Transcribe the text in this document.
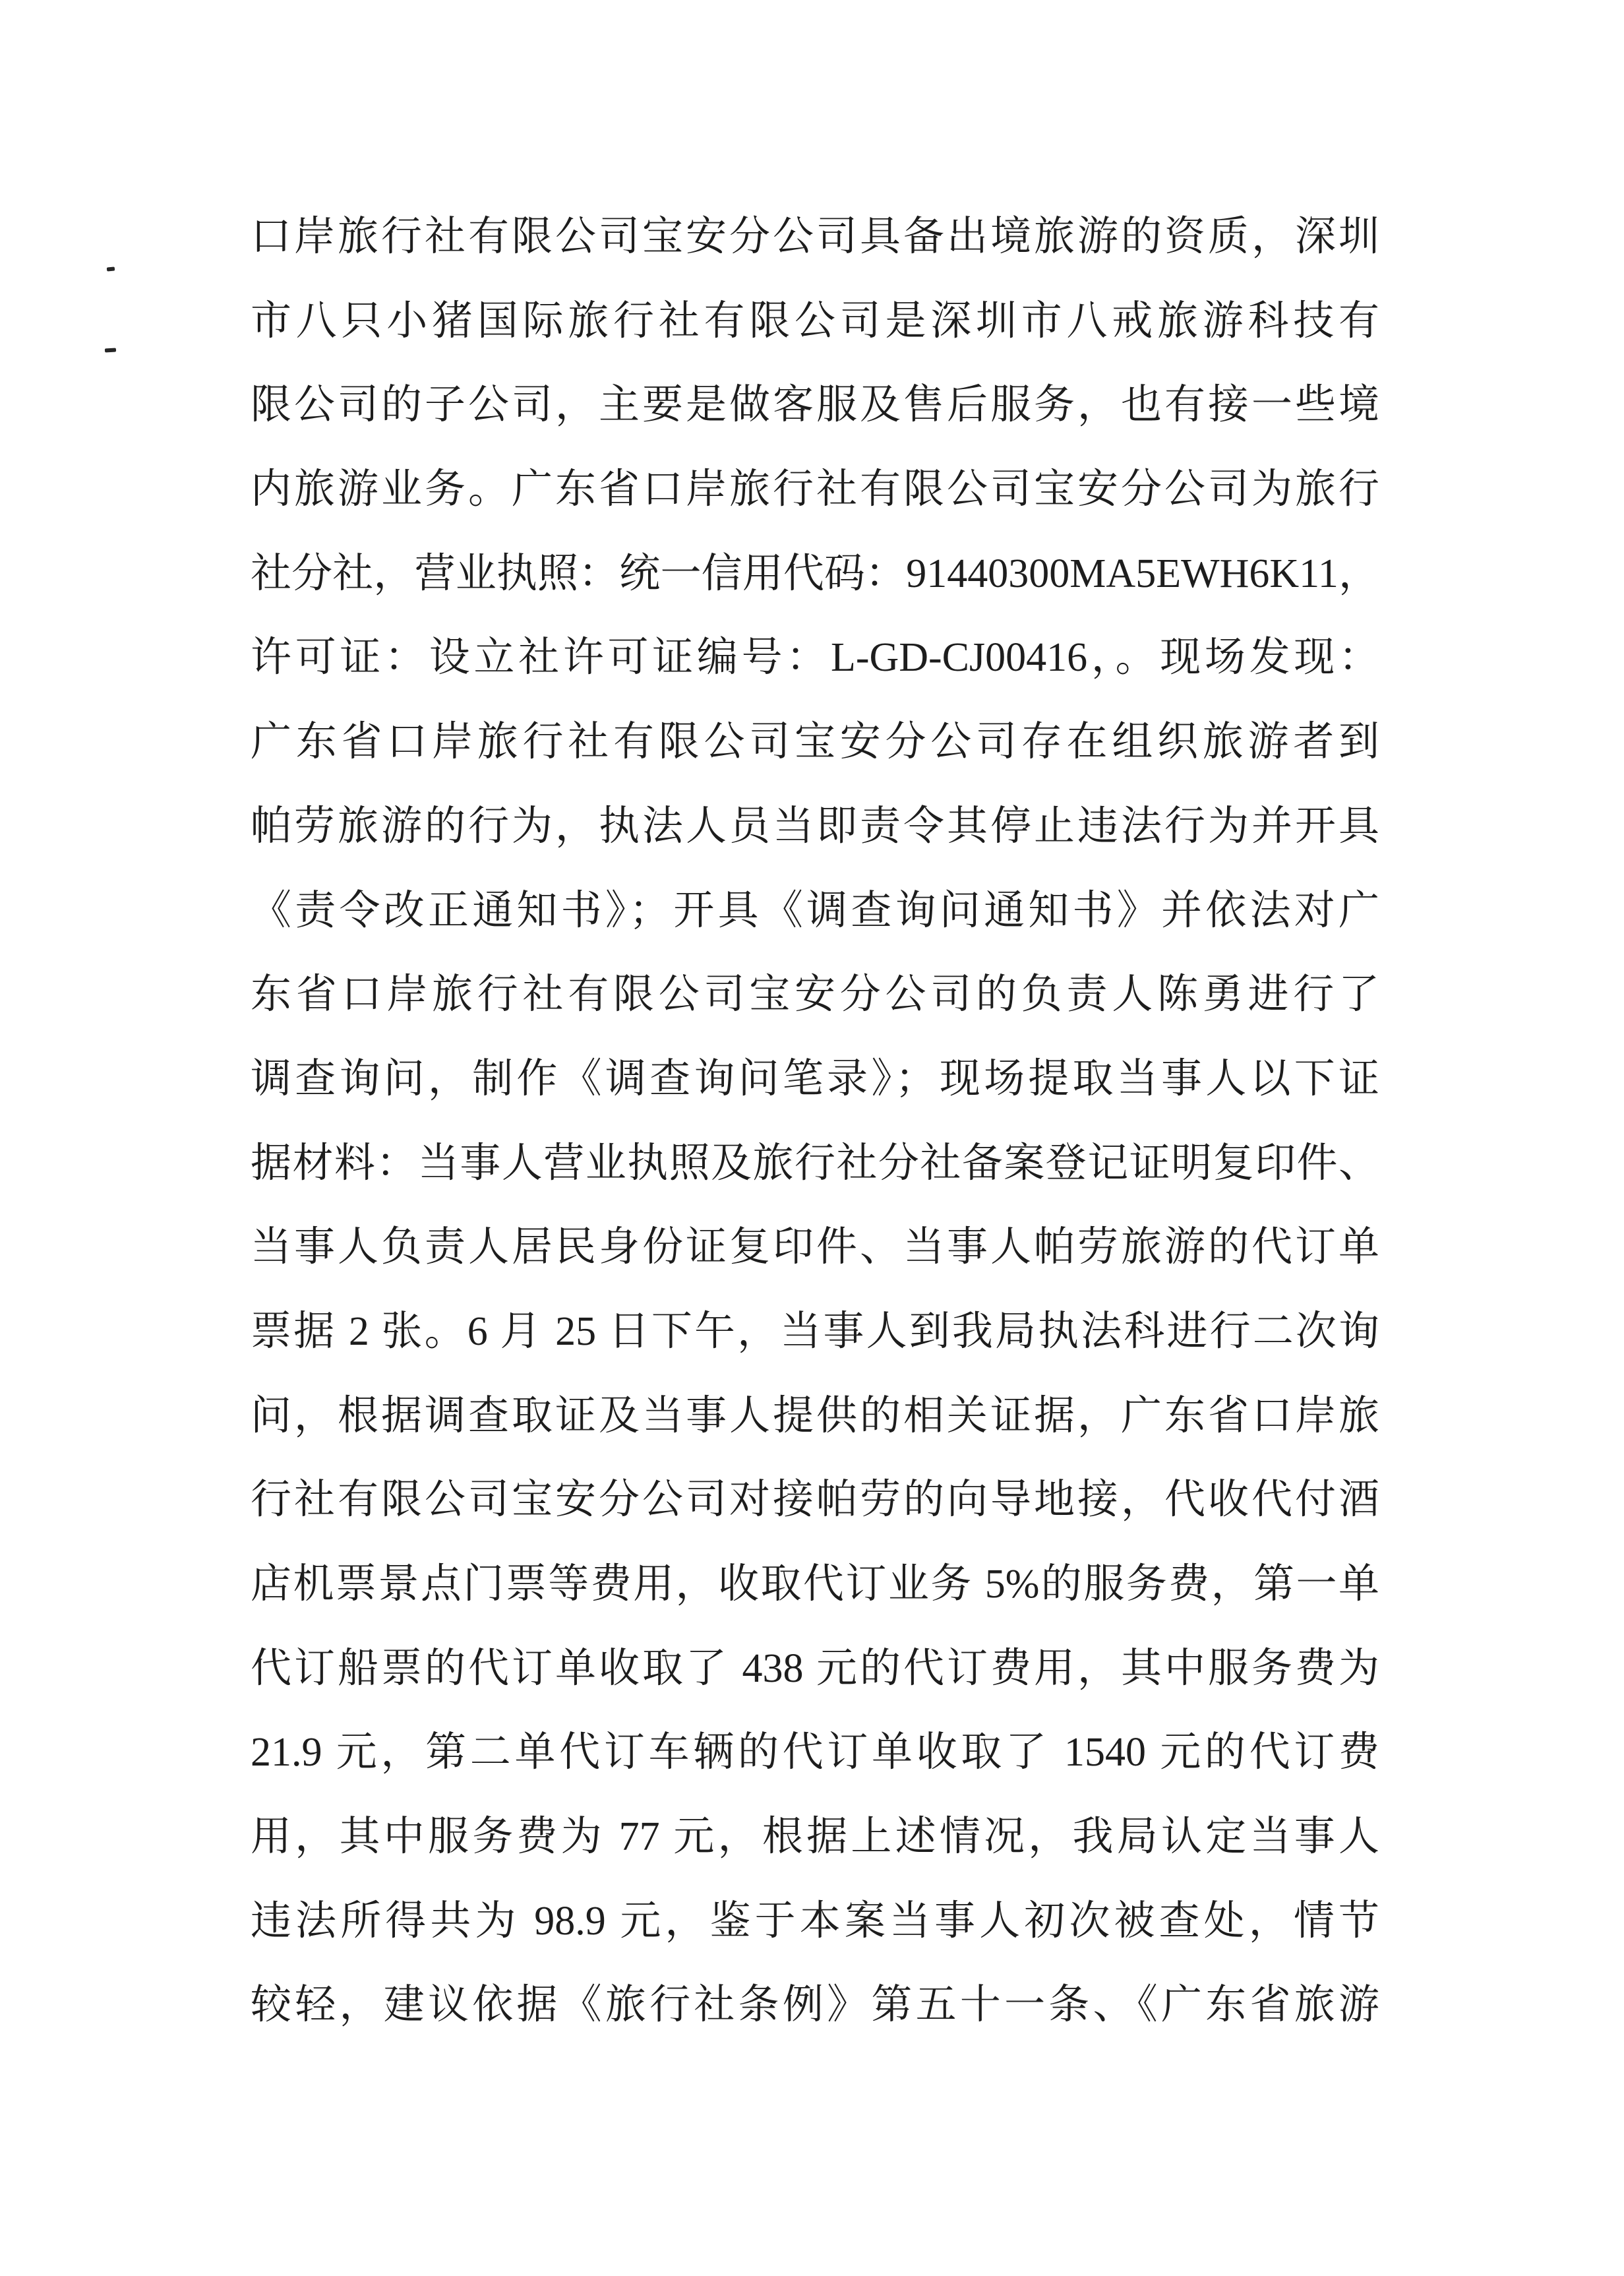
口岸旅行社有限公司宝安分公司具备出境旅游的资质，深圳

市八只小猪国际旅行社有限公司是深圳市八戒旅游科技有

限公司的子公司，主要是做客服及售后服务，也有接一些境

内旅游业务。广东省口岸旅行社有限公司宝安分公司为旅行

社分社，营业执照：统一信用代码：91440300MA5EWH6K11，

许可证：设立社许可证编号：L-GD-CJ00416，。现场发现：

广东省口岸旅行社有限公司宝安分公司存在组织旅游者到

帕劳旅游的行为，执法人员当即责令其停止违法行为并开具

《责令改正通知书》；开具《调查询问通知书》并依法对广

东省口岸旅行社有限公司宝安分公司的负责人陈勇进行了

调查询问，制作《调查询问笔录》；现场提取当事人以下证

据材料：当事人营业执照及旅行社分社备案登记证明复印件、

当事人负责人居民身份证复印件、当事人帕劳旅游的代订单

票据 2 张。6 月 25 日下午，当事人到我局执法科进行二次询

问，根据调查取证及当事人提供的相关证据，广东省口岸旅

行社有限公司宝安分公司对接帕劳的向导地接，代收代付酒

店机票景点门票等费用，收取代订业务 5%的服务费，第一单

代订船票的代订单收取了 438 元的代订费用，其中服务费为

21.9 元，第二单代订车辆的代订单收取了 1540 元的代订费

用，其中服务费为 77 元，根据上述情况，我局认定当事人

违法所得共为 98.9 元，鉴于本案当事人初次被查处，情节

较轻，建议依据《旅行社条例》第五十一条、《广东省旅游
